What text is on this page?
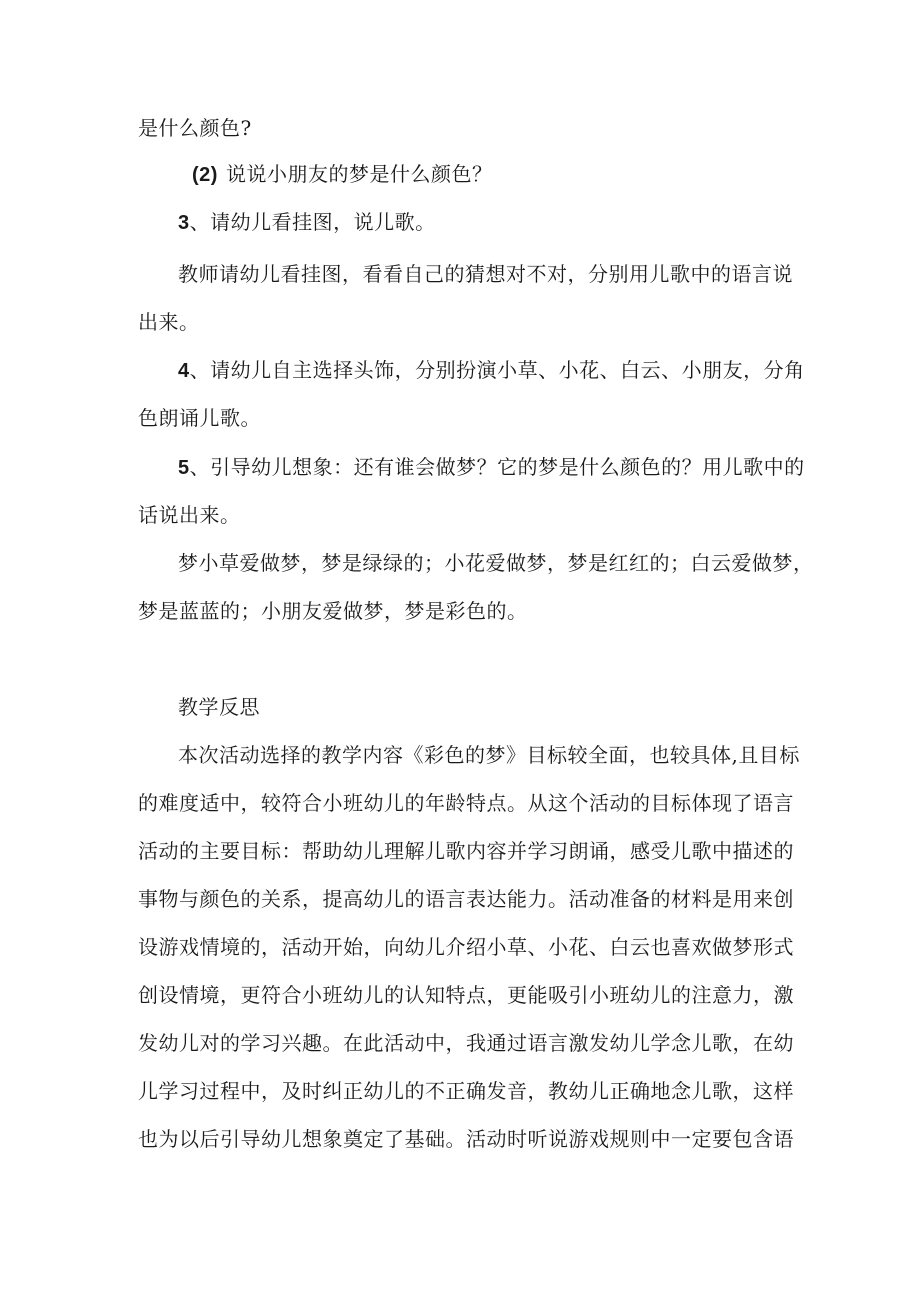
是什么颜色?
(2) 说说小朋友的梦是什么颜色？
3、请幼儿看挂图，说儿歌。
教师请幼儿看挂图，看看自己的猜想对不对，分别用儿歌中的语言说
出来。
4、请幼儿自主选择头饰，分别扮演小草、小花、白云、小朋友，分角
色朗诵儿歌。
5、引导幼儿想象：还有谁会做梦？它的梦是什么颜色的？用儿歌中的
话说出来。
梦小草爱做梦，梦是绿绿的；小花爱做梦，梦是红红的；白云爱做梦，
梦是蓝蓝的；小朋友爱做梦，梦是彩色的。
教学反思
本次活动选择的教学内容《彩色的梦》目标较全面，也较具体,且目标
的难度适中，较符合小班幼儿的年龄特点。从这个活动的目标体现了语言
活动的主要目标：帮助幼儿理解儿歌内容并学习朗诵，感受儿歌中描述的
事物与颜色的关系，提高幼儿的语言表达能力。活动准备的材料是用来创
设游戏情境的，活动开始，向幼儿介绍小草、小花、白云也喜欢做梦形式
创设情境，更符合小班幼儿的认知特点，更能吸引小班幼儿的注意力，激
发幼儿对的学习兴趣。在此活动中，我通过语言激发幼儿学念儿歌，在幼
儿学习过程中，及时纠正幼儿的不正确发音，教幼儿正确地念儿歌，这样
也为以后引导幼儿想象奠定了基础。活动时听说游戏规则中一定要包含语
